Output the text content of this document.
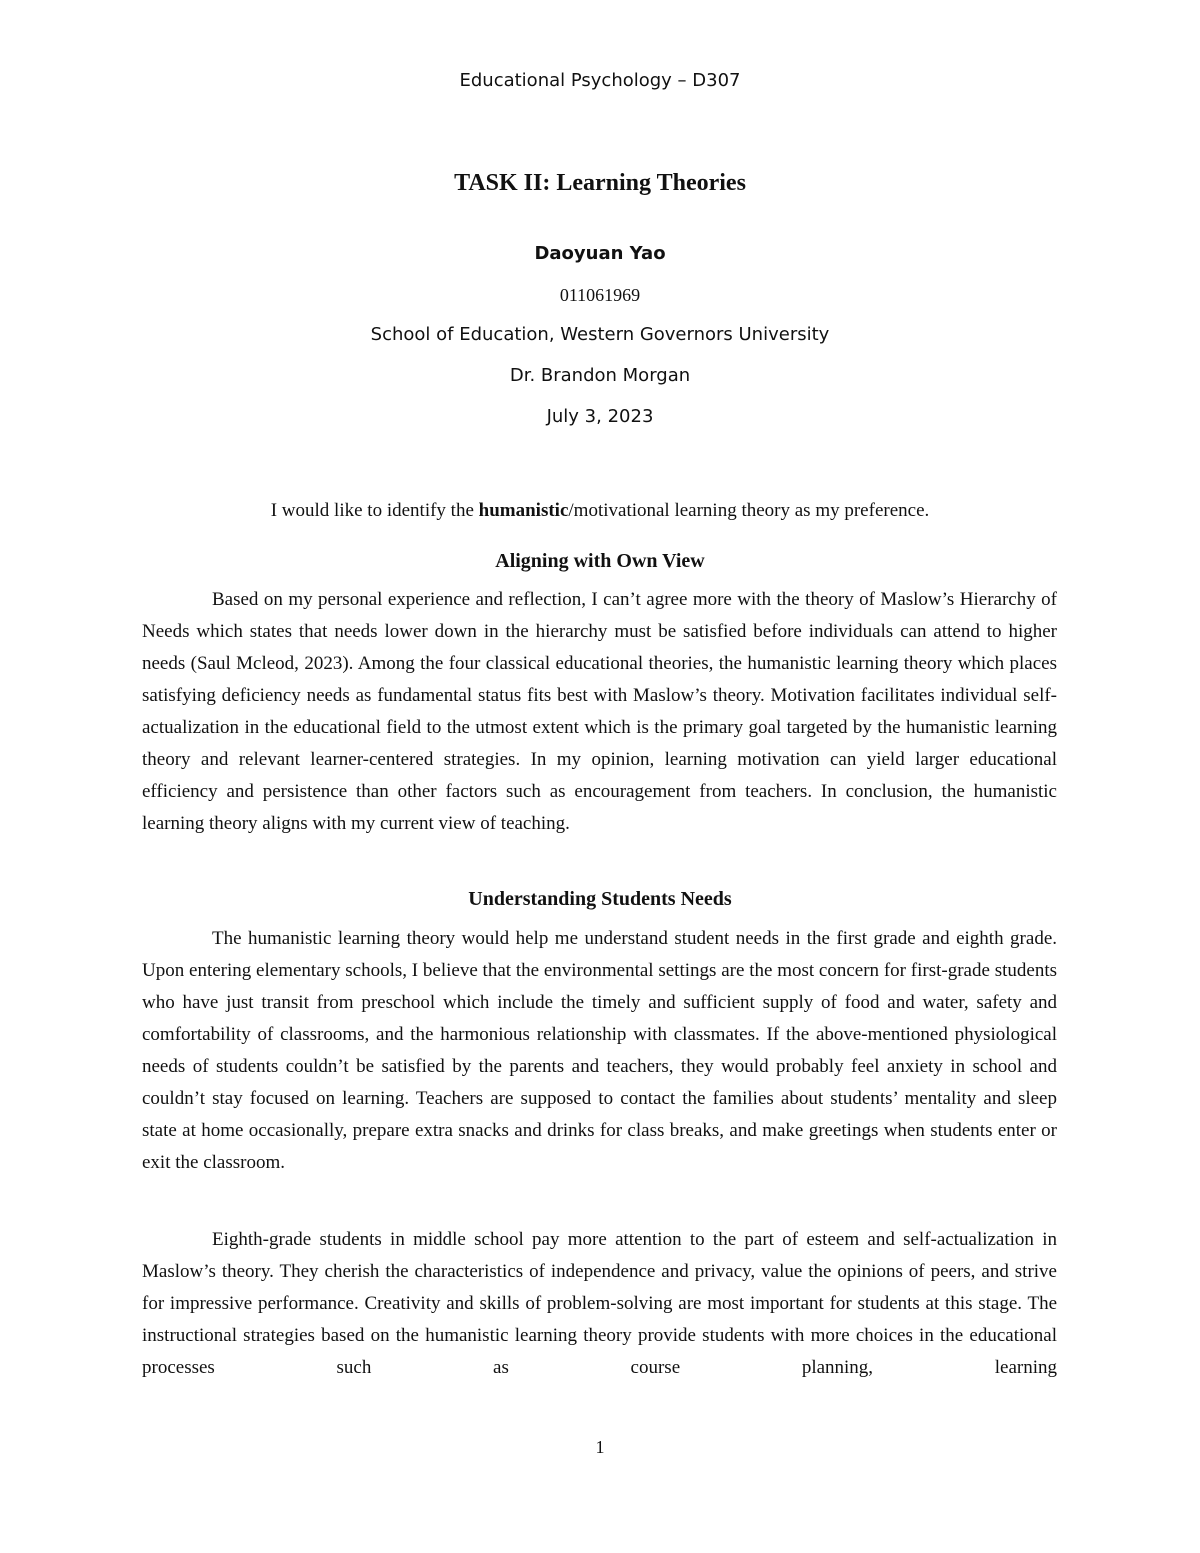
Educational Psychology – D307
TASK II: Learning Theories
Daoyuan Yao
011061969
School of Education, Western Governors University
Dr. Brandon Morgan
July 3, 2023
I would like to identify the humanistic/motivational learning theory as my preference.
Aligning with Own View

Based on my personal experience and reflection, I can’t agree more with the theory of Maslow’s Hierarchy of Needs which states that needs lower down in the hierarchy must be satisfied before individuals can attend to higher needs (Saul Mcleod, 2023). Among the four classical educational theories, the humanistic learning theory which places satisfying deficiency needs as fundamental status fits best with Maslow’s theory. Motivation facilitates individual self-actualization in the educational field to the utmost extent which is the primary goal targeted by the humanistic learning theory and relevant learner-centered strategies. In my opinion, learning motivation can yield larger educational efficiency and persistence than other factors such as encouragement from teachers. In conclusion, the humanistic learning theory aligns with my current view of teaching.

Understanding Students Needs

The humanistic learning theory would help me understand student needs in the first grade and eighth grade. Upon entering elementary schools, I believe that the environmental settings are the most concern for first-grade students who have just transit from preschool which include the timely and sufficient supply of food and water, safety and comfortability of classrooms, and the harmonious relationship with classmates. If the above-mentioned physiological needs of students couldn’t be satisfied by the parents and teachers, they would probably feel anxiety in school and couldn’t stay focused on learning. Teachers are supposed to contact the families about students’ mentality and sleep state at home occasionally, prepare extra snacks and drinks for class breaks, and make greetings when students enter or exit the classroom.

Eighth-grade students in middle school pay more attention to the part of esteem and self-actualization in Maslow’s theory. They cherish the characteristics of independence and privacy, value the opinions of peers, and strive for impressive performance. Creativity and skills of problem-solving are most important for students at this stage. The instructional strategies based on the humanistic learning theory provide students with more choices in the educational processes such as course planning, learning

1
